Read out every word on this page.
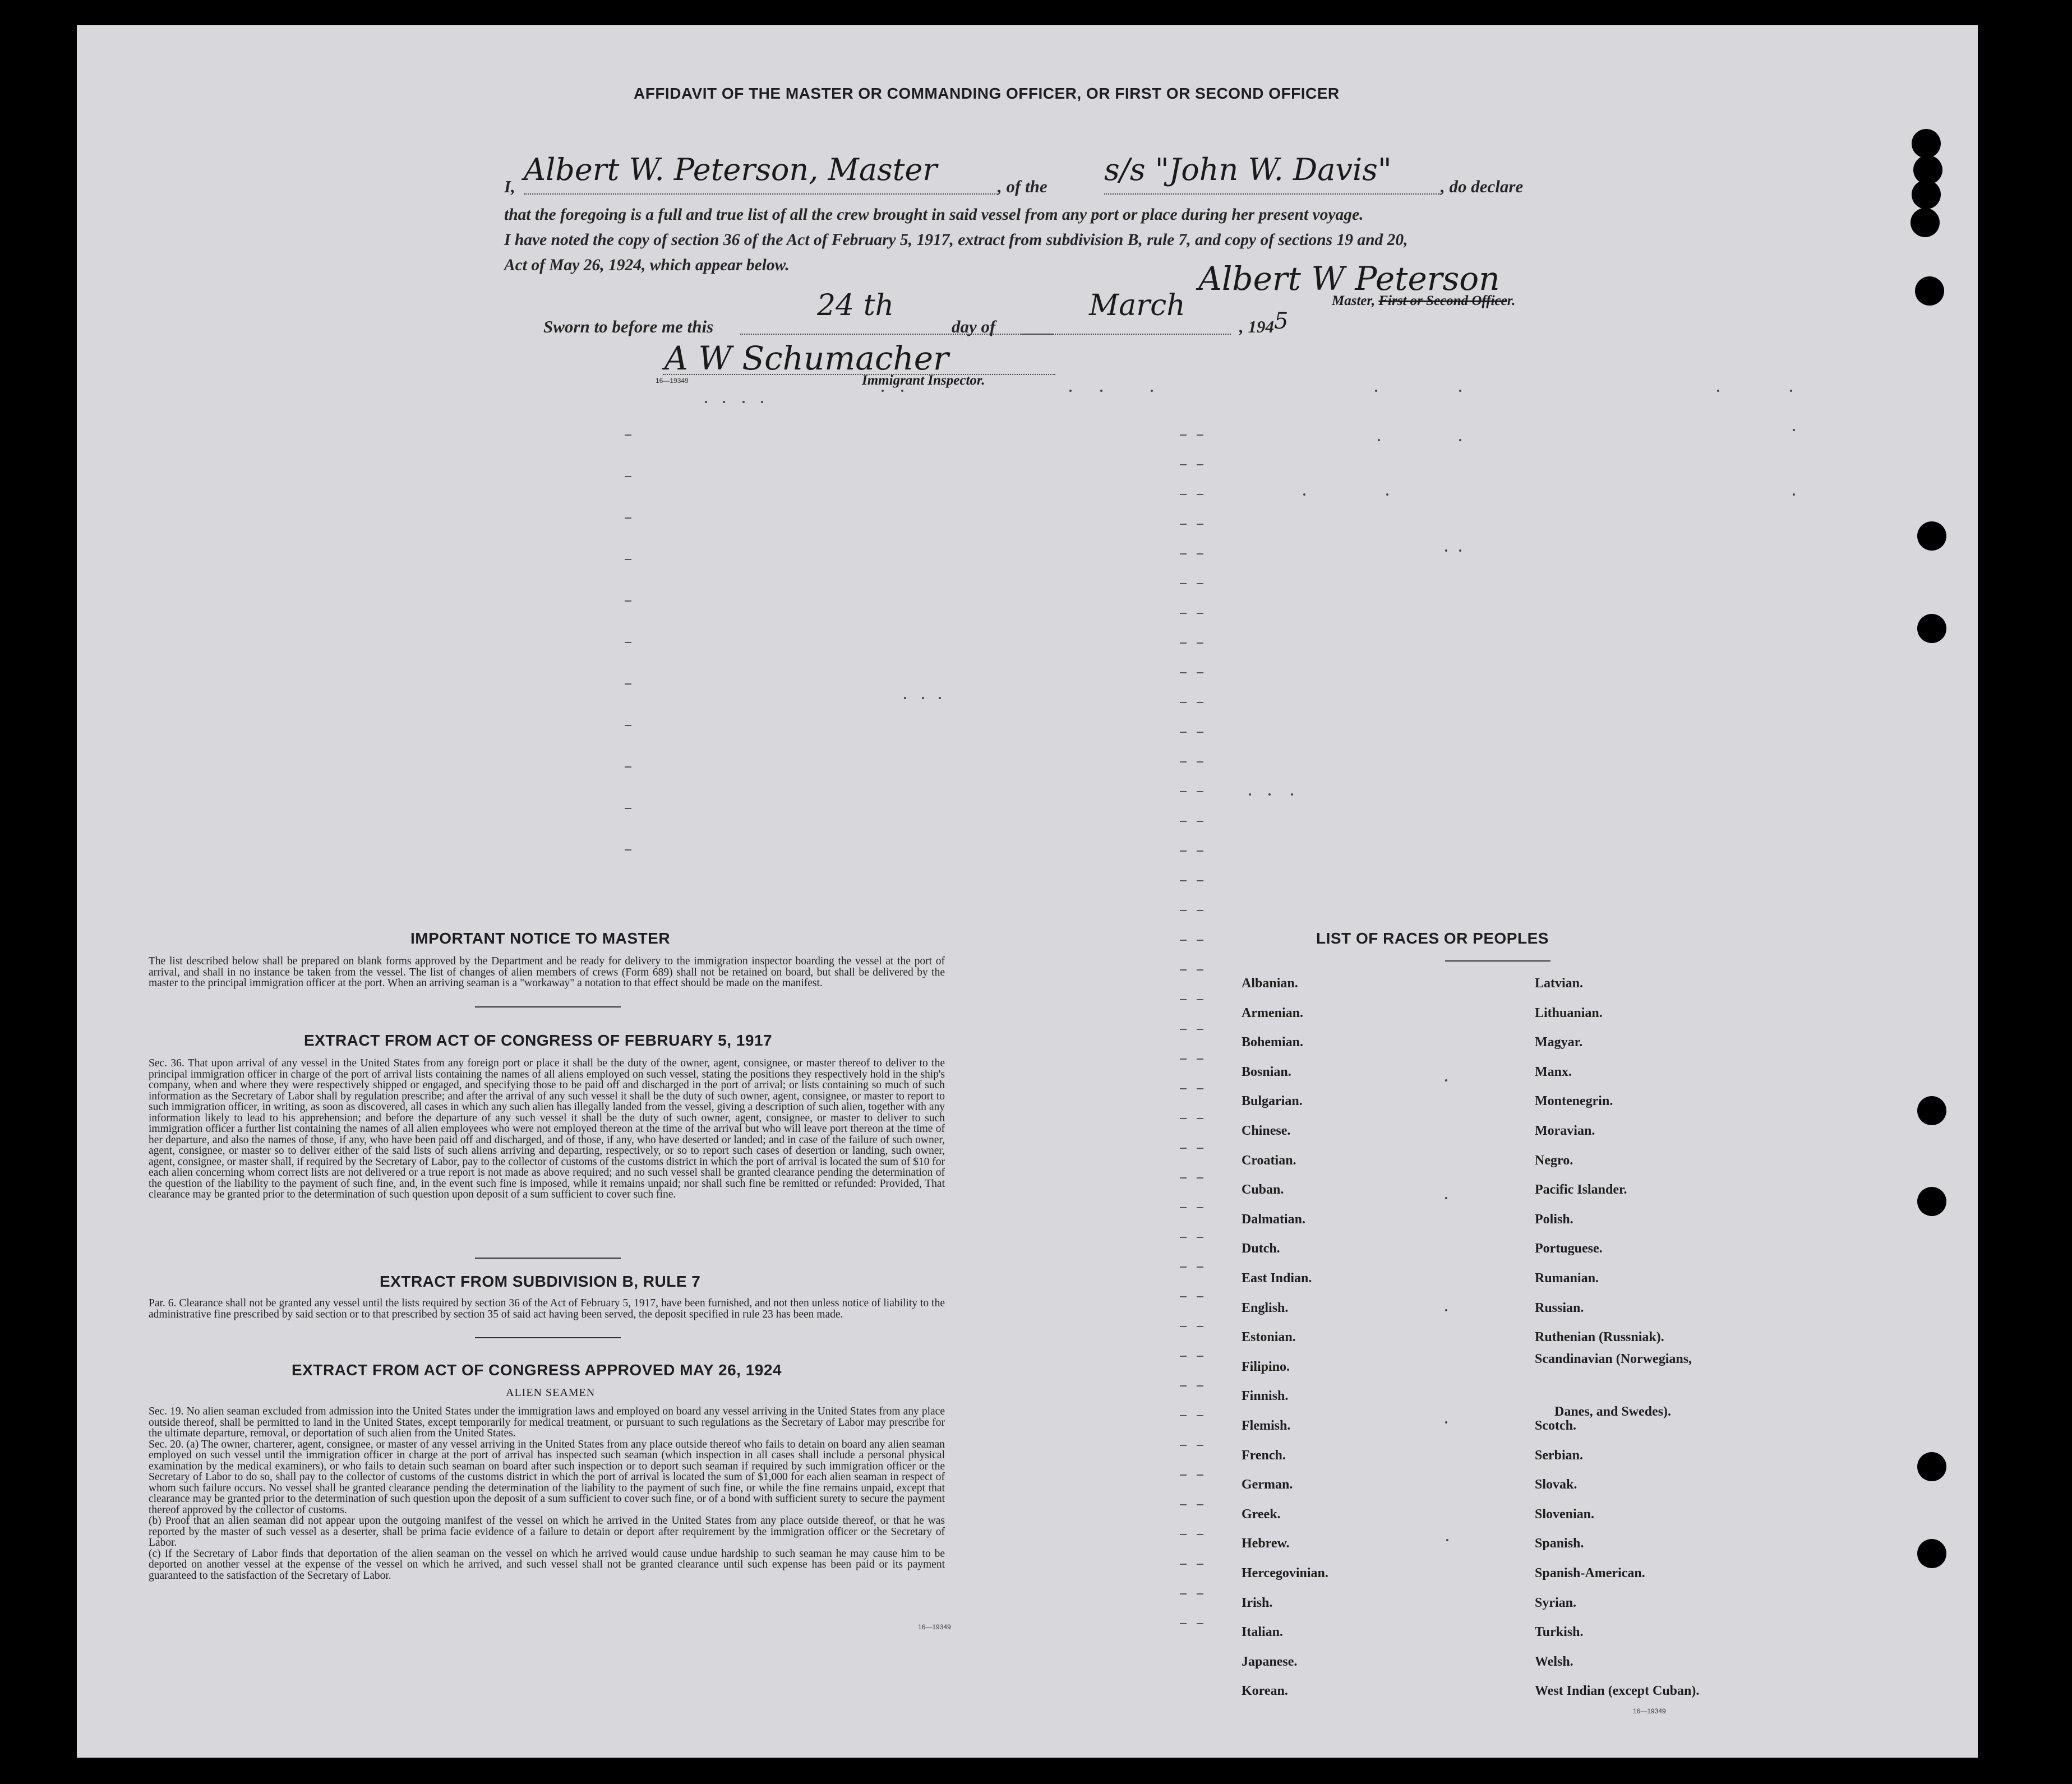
AFFIDAVIT OF THE MASTER OR COMMANDING OFFICER, OR FIRST OR SECOND OFFICER
I, Albert W. Peterson, Master	, of the s/s "John W. Davis"	, do declare
that the foregoing is a full and true list of all the crew brought in said vessel from any port or place during her present voyage.
I have noted the copy of section 36 of the Act of February 5, 1917, extract from subdivision B, rule 7, and copy of sections 19 and 20,
Act of May 26, 1924, which appear below.	Albert W Peterson
Master, First or Second Officer.
Sworn to before me this
24 th
day of
March
, 194 5
A W Schumacher
16—19349	Immigrant Inspector.
IMPORTANT NOTICE TO MASTER
The list described below shall be prepared on blank forms approved by the Department and be ready for delivery to the immigration inspector boarding the vessel at the port of arrival, and shall in no instance be taken from the vessel. The list of changes of alien members of crews (Form 689) shall not be retained on board, but shall be delivered by the master to the principal immigration officer at the port. When an arriving seaman is a "workaway" a notation to that effect should be made on the manifest.
EXTRACT FROM ACT OF CONGRESS OF FEBRUARY 5, 1917
Sec. 36. That upon arrival of any vessel in the United States from any foreign port or place it shall be the duty of the owner, agent, consignee, or master thereof to deliver to the principal immigration officer in charge of the port of arrival lists containing the names of all aliens employed on such vessel, stating the positions they respectively hold in the ship's company, when and where they were respectively shipped or engaged, and specifying those to be paid off and discharged in the port of arrival; or lists containing so much of such information as the Secretary of Labor shall by regulation prescribe; and after the arrival of any such vessel it shall be the duty of such owner, agent, consignee, or master to report to such immigration officer, in writing, as soon as discovered, all cases in which any such alien has illegally landed from the vessel, giving a description of such alien, together with any information likely to lead to his apprehension; and before the departure of any such vessel it shall be the duty of such owner, agent, consignee, or master to deliver to such immigration officer a further list containing the names of all alien employees who were not employed thereon at the time of the arrival but who will leave port thereon at the time of her departure, and also the names of those, if any, who have been paid off and discharged, and of those, if any, who have deserted or landed; and in case of the failure of such owner, agent, consignee, or master so to deliver either of the said lists of such aliens arriving and departing, respectively, or so to report such cases of desertion or landing, such owner, agent, consignee, or master shall, if required by the Secretary of Labor, pay to the collector of customs of the customs district in which the port of arrival is located the sum of $10 for each alien concerning whom correct lists are not delivered or a true report is not made as above required; and no such vessel shall be granted clearance pending the determination of the question of the liability to the payment of such fine, and, in the event such fine is imposed, while it remains unpaid; nor shall such fine be remitted or refunded: Provided, That clearance may be granted prior to the determination of such question upon deposit of a sum sufficient to cover such fine.
EXTRACT FROM SUBDIVISION B, RULE 7
Par. 6. Clearance shall not be granted any vessel until the lists required by section 36 of the Act of February 5, 1917, have been furnished, and not then unless notice of liability to the administrative fine prescribed by said section or to that prescribed by section 35 of said act having been served, the deposit specified in rule 23 has been made.
EXTRACT FROM ACT OF CONGRESS APPROVED MAY 26, 1924
ALIEN SEAMEN
Sec. 19. No alien seaman excluded from admission into the United States under the immigration laws and employed on board any vessel arriving in the United States from any place outside thereof, shall be permitted to land in the United States, except temporarily for medical treatment, or pursuant to such regulations as the Secretary of Labor may prescribe for the ultimate departure, removal, or deportation of such alien from the United States.
Sec. 20. (a) The owner, charterer, agent, consignee, or master of any vessel arriving in the United States from any place outside thereof who fails to detain on board any alien seaman employed on such vessel until the immigration officer in charge at the port of arrival has inspected such seaman (which inspection in all cases shall include a personal physical examination by the medical examiners), or who fails to detain such seaman on board after such inspection or to deport such seaman if required by such immigration officer or the Secretary of Labor to do so, shall pay to the collector of customs of the customs district in which the port of arrival is located the sum of $1,000 for each alien seaman in respect of whom such failure occurs. No vessel shall be granted clearance pending the determination of the liability to the payment of such fine, or while the fine remains unpaid, except that clearance may be granted prior to the determination of such question upon the deposit of a sum sufficient to cover such fine, or of a bond with sufficient surety to secure the payment thereof approved by the collector of customs.
(b) Proof that an alien seaman did not appear upon the outgoing manifest of the vessel on which he arrived in the United States from any place outside thereof, or that he was reported by the master of such vessel as a deserter, shall be prima facie evidence of a failure to detain or deport after requirement by the immigration officer or the Secretary of Labor.
(c) If the Secretary of Labor finds that deportation of the alien seaman on the vessel on which he arrived would cause undue hardship to such seaman he may cause him to be deported on another vessel at the expense of the vessel on which he arrived, and such vessel shall not be granted clearance until such expense has been paid or its payment guaranteed to the satisfaction of the Secretary of Labor.
16—19349
LIST OF RACES OR PEOPLES
Albanian.
Armenian.
Bohemian.
Bosnian.
Bulgarian.
Chinese.
Croatian.
Cuban.
Dalmatian.
Dutch.
East Indian.
English.
Estonian.
Filipino.
Finnish.
Flemish.
French.
German.
Greek.
Hebrew.
Hercegovinian.
Irish.
Italian.
Japanese.
Korean.
Latvian.
Lithuanian.
Magyar.
Manx.
Montenegrin.
Moravian.
Negro.
Pacific Islander.
Polish.
Portuguese.
Rumanian.
Russian.
Ruthenian (Russniak).
Scandinavian (Norwegians,
Danes, and Swedes).
Scotch.
Serbian.
Slovak.
Slovenian.
Spanish.
Spanish-American.
Syrian.
Turkish.
Welsh.
West Indian (except Cuban).
16—19349
